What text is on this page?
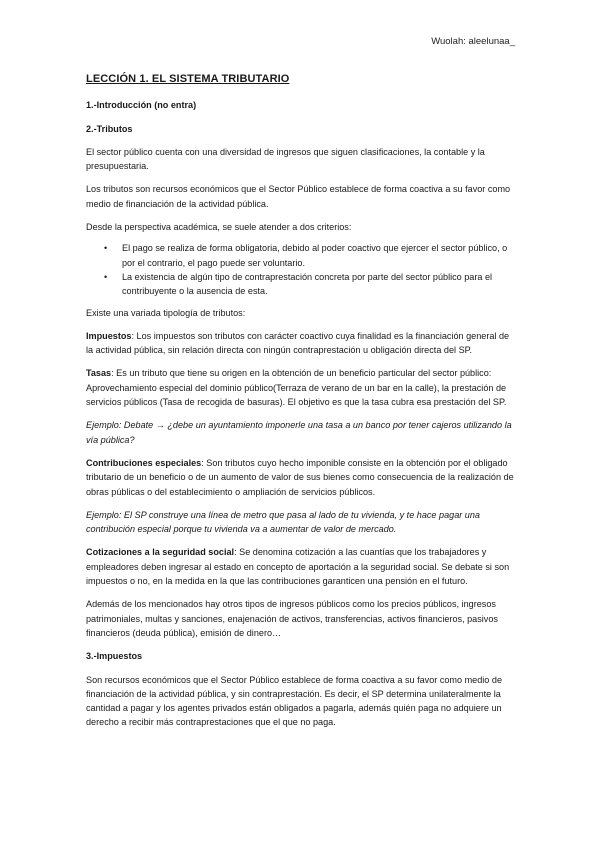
Wuolah: aleelunaa_
LECCIÓN 1. EL SISTEMA TRIBUTARIO
1.-Introducción (no entra)
2.-Tributos

El sector público cuenta con una diversidad de ingresos que siguen clasificaciones, la contable y la presupuestaria.

Los tributos son recursos económicos que el Sector Público establece de forma coactiva a su favor como medio de financiación de la actividad pública.

Desde la perspectiva académica, se suele atender a dos criterios:

• El pago se realiza de forma obligatoria, debido al poder coactivo que ejercer el sector público, o por el contrario, el pago puede ser voluntario.
• La existencia de algún tipo de contraprestación concreta por parte del sector público para el contribuyente o la ausencia de esta.

Existe una variada tipología de tributos:

Impuestos: Los impuestos son tributos con carácter coactivo cuya finalidad es la financiación general de la actividad pública, sin relación directa con ningún contraprestación u obligación directa del SP.

Tasas: Es un tributo que tiene su origen en la obtención de un beneficio particular del sector público: Aprovechamiento especial del dominio público(Terraza de verano de un bar en la calle), la prestación de servicios públicos (Tasa de recogida de basuras). El objetivo es que la tasa cubra esa prestación del SP.

Ejemplo: Debate → ¿debe un ayuntamiento imponerle una tasa a un banco por tener cajeros utilizando la vía pública?

Contribuciones especiales: Son tributos cuyo hecho imponible consiste en la obtención por el obligado tributario de un beneficio o de un aumento de valor de sus bienes como consecuencia de la realización de obras públicas o del establecimiento o ampliación de servicios públicos.

Ejemplo: El SP construye una línea de metro que pasa al lado de tu vivienda, y te hace pagar una contribución especial porque tu vivienda va a aumentar de valor de mercado.

Cotizaciones a la seguridad social: Se denomina cotización a las cuantías que los trabajadores y empleadores deben ingresar al estado en concepto de aportación a la seguridad social. Se debate si son impuestos o no, en la medida en la que las contribuciones garanticen una pensión en el futuro.

Además de los mencionados hay otros tipos de ingresos públicos como los precios públicos, ingresos patrimoniales, multas y sanciones, enajenación de activos, transferencias, activos financieros, pasivos financieros (deuda pública), emisión de dinero…

3.-Impuestos

Son recursos económicos que el Sector Público establece de forma coactiva a su favor como medio de financiación de la actividad pública, y sin contraprestación. Es decir, el SP determina unilateralmente la cantidad a pagar y los agentes privados están obligados a pagarla, además quién paga no adquiere un derecho a recibir más contraprestaciones que el que no paga.
